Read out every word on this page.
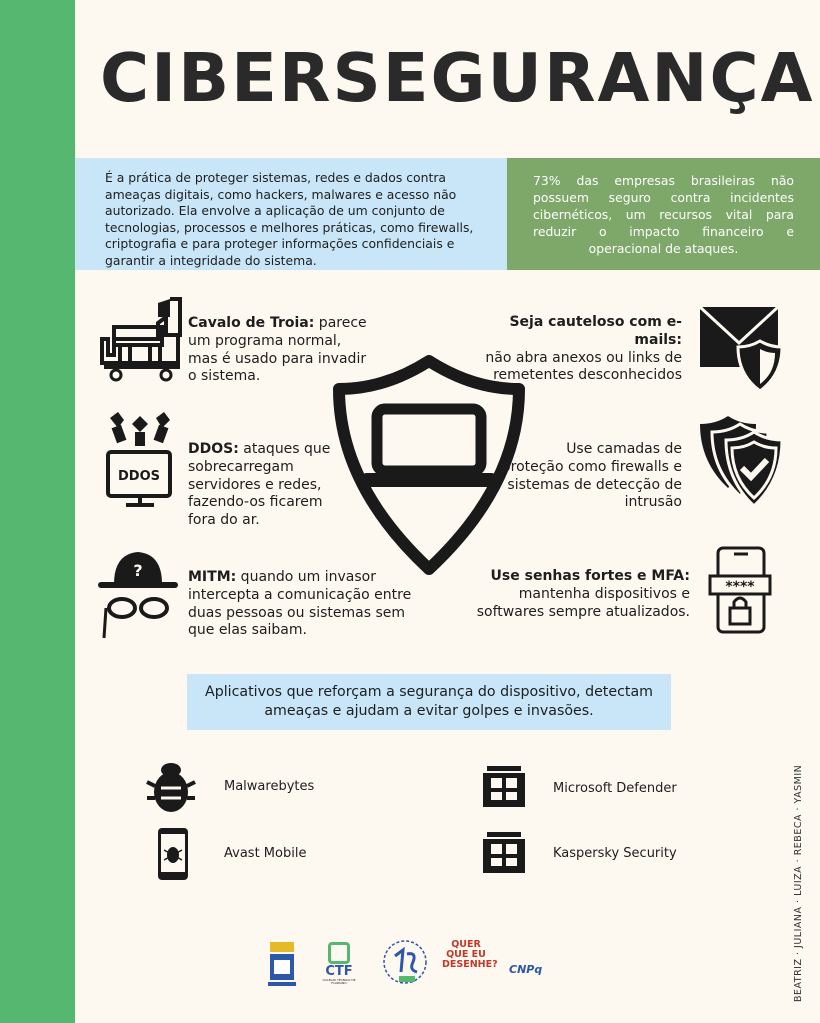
CIBERSEGURANÇA
É a prática de proteger sistemas, redes e dados contra ameaças digitais, como hackers, malwares e acesso não autorizado. Ela envolve a aplicação de um conjunto de tecnologias, processos e melhores práticas, como firewalls, criptografia e para proteger informações confidenciais e garantir a integridade do sistema.
73% das empresas brasileiras não possuem seguro contra incidentes cibernéticos, um recursos vital para reduzir o impacto financeiro e operacional de ataques.
Cavalo de Troia: parece um programa normal, mas é usado para invadir o sistema.
DDOS
DDOS: ataques que sobrecarregam servidores e redes, fazendo-os ficarem fora do ar.
?	MITM: quando um invasor intercepta a comunicação entre duas pessoas ou sistemas sem que elas saibam.
Seja cauteloso com e-mails:
não abra anexos ou links de remetentes desconhecidos
Use camadas de proteção como firewalls e sistemas de detecção de intrusão
Use senhas fortes e MFA:
mantenha dispositivos e softwares sempre atualizados.
****
Aplicativos que reforçam a segurança do dispositivo, detectam ameaças e ajudam a evitar golpes e invasões.
Malwarebytes
Avast Mobile
Microsoft Defender
Kaspersky Security	BEATRIZ · JULIANA · LUIZA · REBECA · YASMIN
CTF
COLÉGIO TÉCNICO DE FLORIANO
QUER QUE EU DESENHE? CNPq
